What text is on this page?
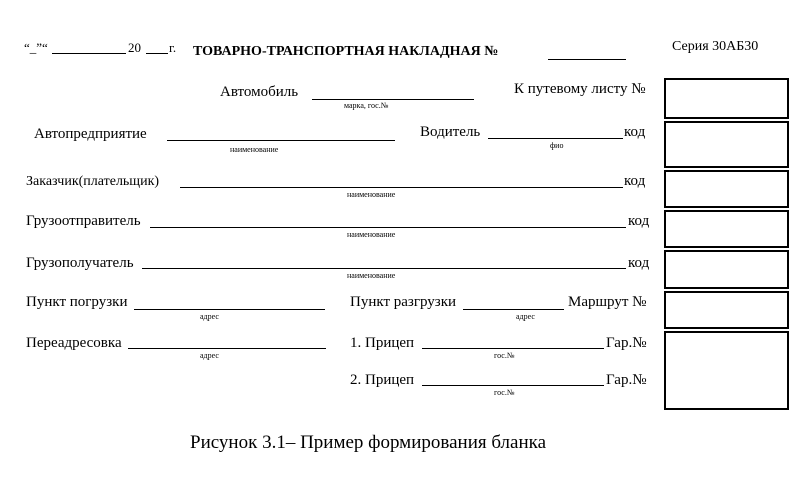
“_”“	20 г. ТОВАРНО-ТРАНСПОРТНАЯ НАКЛАДНАЯ №	Серия 30АБ30
Автомобиль
марка, гос.№
К путевому листу №
Автопредприятие
наименование
Водитель
фио
код
Заказчик(плательщик)
наименование
код
Грузоотправитель
наименование
код
Грузополучатель
наименование
код
Пункт погрузки
адрес
Пункт разгрузки
адрес
Маршрут №
Переадресовка
адрес
1. Прицеп
гос.№
Гар.№
2. Прицеп
гос.№
Гар.№
Рисунок 3.1– Пример формирования бланка
